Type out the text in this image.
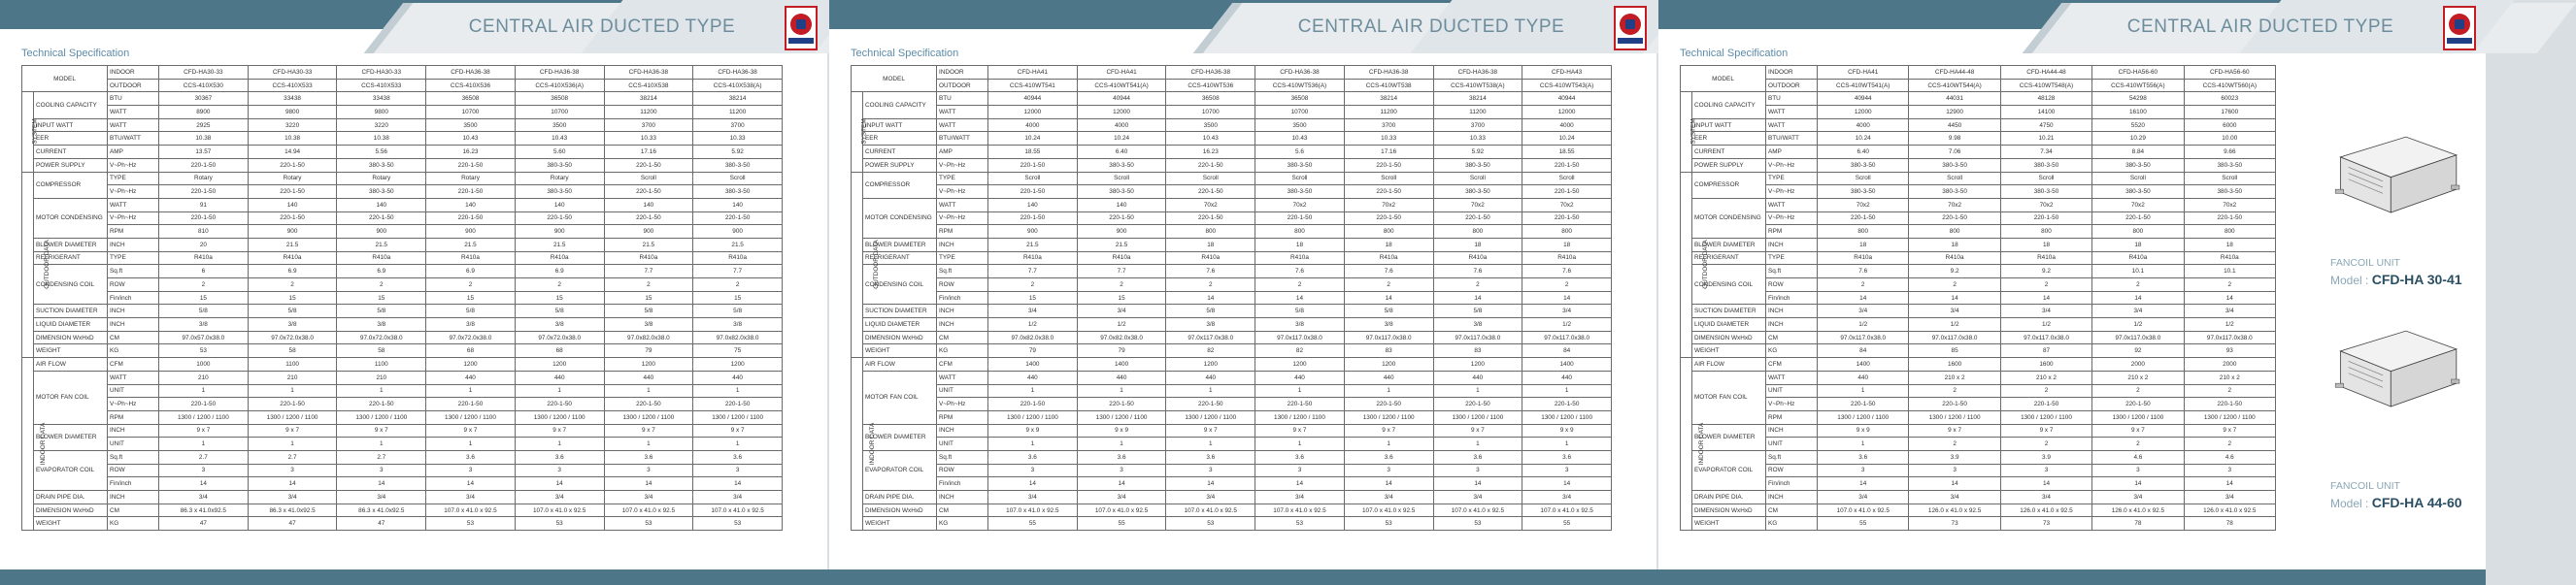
CENTRAL AIR DUCTED TYPE
Technical Specification
MODEL		INDOOR	CFD-HA30-33	CFD-HA30-33	CFD-HA30-33	CFD-HA36-38	CFD-HA36-38	CFD-HA36-38	CFD-HA36-38
		OUTDOOR	CCS-410X530	CCS-410X533	CCS-410X533	CCS-410X536	CCS-410X536(A)	CCS-410X538	CCS-410X538(A)
SYSTEM	COOLING CAPACITY	BTU	30367	33438	33438	36508	36508	38214	38214
		WATT	8900	9800	9800	10700	10700	11200	11200
	INPUT WATT	WATT	2925	3220	3220	3500	3500	3700	3700
	EER	BTU/WATT	10.38	10.38	10.38	10.43	10.43	10.33	10.33
	CURRENT	AMP	13.57	14.94	5.56	16.23	5.60	17.16	5.92
	POWER SUPPLY	V~Ph~Hz	220-1-50	220-1-50	380-3-50	220-1-50	380-3-50	220-1-50	380-3-50
OUTDOOR DATA	COMPRESSOR	TYPE	Rotary	Rotary	Rotary	Rotary	Rotary	Scroll	Scroll
		V~Ph~Hz	220-1-50	220-1-50	380-3-50	220-1-50	380-3-50	220-1-50	380-3-50
	MOTOR CONDENSING	WATT	91	140	140	140	140	140	140
		V~Ph~Hz	220-1-50	220-1-50	220-1-50	220-1-50	220-1-50	220-1-50	220-1-50
		RPM	810	900	900	900	900	900	900
	BLOWER DIAMETER	INCH	20	21.5	21.5	21.5	21.5	21.5	21.5
	REFRIGERANT	TYPE	R410a	R410a	R410a	R410a	R410a	R410a	R410a
	CONDENSING COIL	Sq.ft	6	6.9	6.9	6.9	6.9	7.7	7.7
		ROW	2	2	2	2	2	2	2
		Fin/inch	15	15	15	15	15	15	15
	SUCTION DIAMETER	INCH	5/8	5/8	5/8	5/8	5/8	5/8	5/8
	LIQUID DIAMETER	INCH	3/8	3/8	3/8	3/8	3/8	3/8	3/8
	DIMENSION WxHxD	CM	97.0x57.0x38.0	97.0x72.0x38.0	97.0x72.0x38.0	97.0x72.0x38.0	97.0x72.0x38.0	97.0x82.0x38.0	97.0x82.0x38.0
	WEIGHT	KG	53	58	58	68	68	79	75
INDOOR DATA	AIR FLOW	CFM	1000	1100	1100	1200	1200	1200	1200
	MOTOR FAN COIL	WATT	210	210	210	440	440	440	440
		UNIT	1	1	1	1	1	1	1
		V~Ph~Hz	220-1-50	220-1-50	220-1-50	220-1-50	220-1-50	220-1-50	220-1-50
		RPM	1300 / 1200 / 1100	1300 / 1200 / 1100	1300 / 1200 / 1100	1300 / 1200 / 1100	1300 / 1200 / 1100	1300 / 1200 / 1100	1300 / 1200 / 1100
	BLOWER DIAMETER	INCH	9 x 7	9 x 7	9 x 7	9 x 7	9 x 7	9 x 7	9 x 7
		UNIT	1	1	1	1	1	1	1
	EVAPORATOR COIL	Sq.ft	2.7	2.7	2.7	3.6	3.6	3.6	3.6
		ROW	3	3	3	3	3	3	3
		Fin/inch	14	14	14	14	14	14	14
	DRAIN PIPE DIA.	INCH	3/4	3/4	3/4	3/4	3/4	3/4	3/4
	DIMENSION WxHxD	CM	86.3 x 41.0x92.5	86.3 x 41.0x92.5	86.3 x 41.0x92.5	107.0 x 41.0 x 92.5	107.0 x 41.0 x 92.5	107.0 x 41.0 x 92.5	107.0 x 41.0 x 92.5
	WEIGHT	KG	47	47	47	53	53	53	53
CENTRAL AIR DUCTED TYPE
Technical Specification
MODEL		INDOOR	CFD-HA41	CFD-HA41	CFD-HA36-38	CFD-HA36-38	CFD-HA36-38	CFD-HA36-38	CFD-HA43
		OUTDOOR	CCS-410WT541	CCS-410WT541(A)	CCS-410WT536	CCS-410WT536(A)	CCS-410WT538	CCS-410WT538(A)	CCS-410WT543(A)
SYSTEM	COOLING CAPACITY	BTU	40944	40944	36508	36508	38214	38214	40944
		WATT	12000	12000	10700	10700	11200	11200	12000
	INPUT WATT	WATT	4000	4000	3500	3500	3700	3700	4000
	EER	BTU/WATT	10.24	10.24	10.43	10.43	10.33	10.33	10.24
	CURRENT	AMP	18.55	6.40	16.23	5.6	17.16	5.92	18.55
	POWER SUPPLY	V~Ph~Hz	220-1-50	380-3-50	220-1-50	380-3-50	220-1-50	380-3-50	220-1-50
OUTDOOR DATA	COMPRESSOR	TYPE	Scroll	Scroll	Scroll	Scroll	Scroll	Scroll	Scroll
		V~Ph~Hz	220-1-50	380-3-50	220-1-50	380-3-50	220-1-50	380-3-50	220-1-50
	MOTOR CONDENSING	WATT	140	140	70x2	70x2	70x2	70x2	70x2
		V~Ph~Hz	220-1-50	220-1-50	220-1-50	220-1-50	220-1-50	220-1-50	220-1-50
		RPM	900	900	800	800	800	800	800
	BLOWER DIAMETER	INCH	21.5	21.5	18	18	18	18	18
	REFRIGERANT	TYPE	R410a	R410a	R410a	R410a	R410a	R410a	R410a
	CONDENSING COIL	Sq.ft	7.7	7.7	7.6	7.6	7.6	7.6	7.6
		ROW	2	2	2	2	2	2	2
		Fin/inch	15	15	14	14	14	14	14
	SUCTION DIAMETER	INCH	3/4	3/4	5/8	5/8	5/8	5/8	3/4
	LIQUID DIAMETER	INCH	1/2	1/2	3/8	3/8	3/8	3/8	1/2
	DIMENSION WxHxD	CM	97.0x82.0x38.0	97.0x82.0x38.0	97.0x117.0x38.0	97.0x117.0x38.0	97.0x117.0x38.0	97.0x117.0x38.0	97.0x117.0x38.0
	WEIGHT	KG	79	79	82	82	83	83	84
INDOOR DATA	AIR FLOW	CFM	1400	1400	1200	1200	1200	1200	1400
	MOTOR FAN COIL	WATT	440	440	440	440	440	440	440
		UNIT	1	1	1	1	1	1	1
		V~Ph~Hz	220-1-50	220-1-50	220-1-50	220-1-50	220-1-50	220-1-50	220-1-50
		RPM	1300 / 1200 / 1100	1300 / 1200 / 1100	1300 / 1200 / 1100	1300 / 1200 / 1100	1300 / 1200 / 1100	1300 / 1200 / 1100	1300 / 1200 / 1100
	BLOWER DIAMETER	INCH	9 x 9	9 x 9	9 x 7	9 x 7	9 x 7	9 x 7	9 x 9
		UNIT	1	1	1	1	1	1	1
	EVAPORATOR COIL	Sq.ft	3.6	3.6	3.6	3.6	3.6	3.6	3.6
		ROW	3	3	3	3	3	3	3
		Fin/inch	14	14	14	14	14	14	14
	DRAIN PIPE DIA.	INCH	3/4	3/4	3/4	3/4	3/4	3/4	3/4
	DIMENSION WxHxD	CM	107.0 x 41.0 x 92.5	107.0 x 41.0 x 92.5	107.0 x 41.0 x 92.5	107.0 x 41.0 x 92.5	107.0 x 41.0 x 92.5	107.0 x 41.0 x 92.5	107.0 x 41.0 x 92.5
	WEIGHT	KG	55	55	53	53	53	53	55
CENTRAL AIR DUCTED TYPE
Technical Specification
MODEL		INDOOR	CFD-HA41	CFD-HA44-48	CFD-HA44-48	CFD-HA56-60	CFD-HA56-60
		OUTDOOR	CCS-410WT541(A)	CCS-410WT544(A)	CCS-410WT548(A)	CCS-410WT556(A)	CCS-410WT560(A)
SYSTEM	COOLING CAPACITY	BTU	40944	44031	48128	54298	60023
		WATT	12000	12900	14100	16100	17600
	INPUT WATT	WATT	4000	4450	4750	5520	6000
	EER	BTU/WATT	10.24	9.98	10.21	10.29	10.00
	CURRENT	AMP	6.40	7.06	7.34	8.84	9.66
	POWER SUPPLY	V~Ph~Hz	380-3-50	380-3-50	380-3-50	380-3-50	380-3-50
OUTDOOR DATA	COMPRESSOR	TYPE	Scroll	Scroll	Scroll	Scroll	Scroll
		V~Ph~Hz	380-3-50	380-3-50	380-3-50	380-3-50	380-3-50
	MOTOR CONDENSING	WATT	70x2	70x2	70x2	70x2	70x2
		V~Ph~Hz	220-1-50	220-1-50	220-1-50	220-1-50	220-1-50
		RPM	800	800	800	800	800
	BLOWER DIAMETER	INCH	18	18	18	18	18
	REFRIGERANT	TYPE	R410a	R410a	R410a	R410a	R410a
	CONDENSING COIL	Sq.ft	7.6	9.2	9.2	10.1	10.1
		ROW	2	2	2	2	2
		Fin/inch	14	14	14	14	14
	SUCTION DIAMETER	INCH	3/4	3/4	3/4	3/4	3/4
	LIQUID DIAMETER	INCH	1/2	1/2	1/2	1/2	1/2
	DIMENSION WxHxD	CM	97.0x117.0x38.0	97.0x117.0x38.0	97.0x117.0x38.0	97.0x117.0x38.0	97.0x117.0x38.0
	WEIGHT	KG	84	85	87	92	93
INDOOR DATA	AIR FLOW	CFM	1400	1600	1600	2000	2000
	MOTOR FAN COIL	WATT	440	210 x 2	210 x 2	210 x 2	210 x 2
		UNIT	1	2	2	2	2
		V~Ph~Hz	220-1-50	220-1-50	220-1-50	220-1-50	220-1-50
		RPM	1300 / 1200 / 1100	1300 / 1200 / 1100	1300 / 1200 / 1100	1300 / 1200 / 1100	1300 / 1200 / 1100
	BLOWER DIAMETER	INCH	9 x 9	9 x 7	9 x 7	9 x 7	9 x 7
		UNIT	1	2	2	2	2
	EVAPORATOR COIL	Sq.ft	3.6	3.9	3.9	4.6	4.6
		ROW	3	3	3	3	3
		Fin/inch	14	14	14	14	14
	DRAIN PIPE DIA.	INCH	3/4	3/4	3/4	3/4	3/4
	DIMENSION WxHxD	CM	107.0 x 41.0 x 92.5	126.0 x 41.0 x 92.5	126.0 x 41.0 x 92.5	126.0 x 41.0 x 92.5	126.0 x 41.0 x 92.5
	WEIGHT	KG	55	73	73	78	78
FANCOIL UNIT
Model : CFD-HA 30-41
FANCOIL UNIT
Model : CFD-HA 44-60
